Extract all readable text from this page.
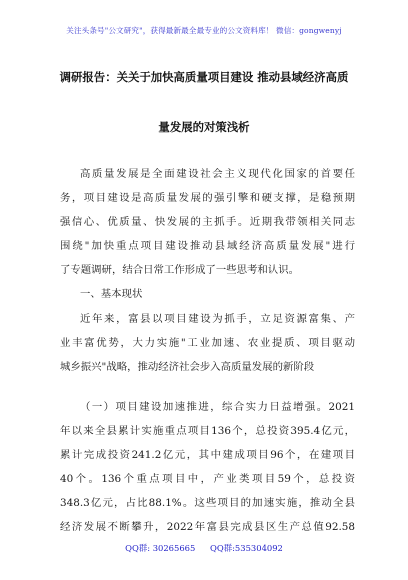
关注头条号"公文研究"，获得最新最全最专业的公文资料库！ 微信：gongwenyj
调研报告：关关于加快高质量项目建设 推动县域经济高质
量发展的对策浅析
高质量发展是全面建设社会主义现代化国家的首要任
务，项目建设是高质量发展的强引擎和硬支撑，是稳预期
强信心、优质量、快发展的主抓手。近期我带领相关同志
围绕"加快重点项目建设推动县域经济高质量发展"进行
了专题调研，结合日常工作形成了一些思考和认识。
一、基本现状
近年来，富县以项目建设为抓手，立足资源富集、产
业丰富优势，大力实施"工业加速、农业提质、项目驱动
城乡振兴"战略，推动经济社会步入高质量发展的新阶段
（一）项目建设加速推进，综合实力日益增强。2021
年以来全县累计实施重点项目136个，总投资395.4亿元，
累计完成投资241.2亿元，其中建成项目96个，在建项目
40个。136个重点项目中，产业类项目59个，总投资
348.3亿元，占比88.1%。这些项目的加速实施，推动全县
经济发展不断攀升，2022年富县完成县区生产总值92.58
QQ群: 30265665 QQ群:535304092
